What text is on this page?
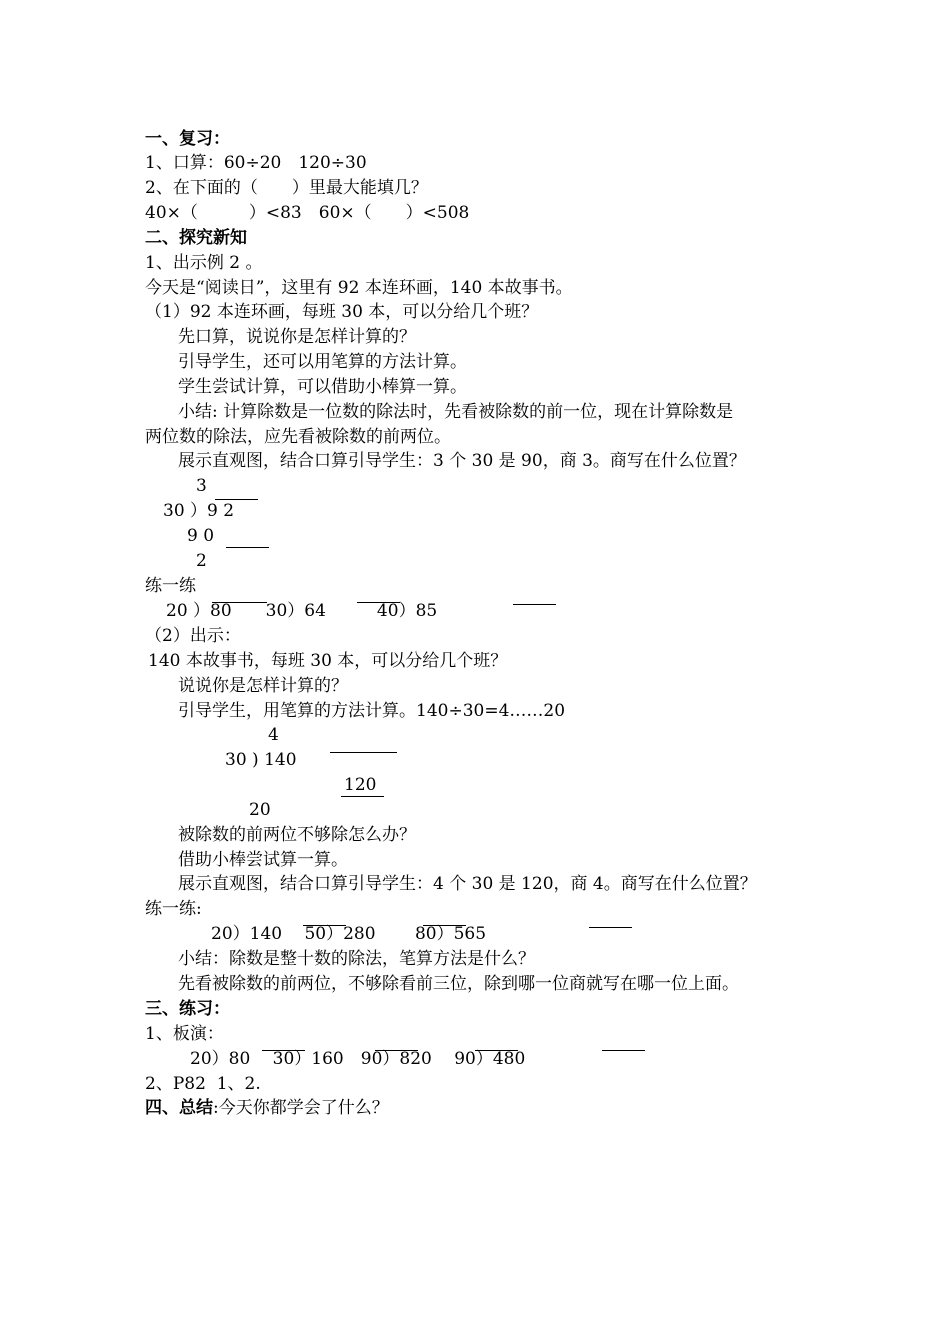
一、复习：
1、口算：60÷20　120÷30
2、在下面的（　　）里最大能填几？
40×（　　　）<83　60×（　　）<508
二、探究新知
1、出示例 2 。
今天是“阅读日”，这里有 92 本连环画，140 本故事书。
（1）92 本连环画，每班 30 本，可以分给几个班？
先口算，说说你是怎样计算的？
引导学生，还可以用笔算的方法计算。
学生尝试计算，可以借助小棒算一算。
小结: 计算除数是一位数的除法时，先看被除数的前一位，现在计算除数是
两位数的除法，应先看被除数的前两位。
展示直观图，结合口算引导学生：3 个 30 是 90，商 3。商写在什么位置？
3
30 ）9 2
9 0
2
练一练
20 ）80　　30）64　　　40）85
（2）出示：
140 本故事书，每班 30 本，可以分给几个班？
说说你是怎样计算的？
引导学生，用笔算的方法计算。140÷30=4……20
4
30 ) 140
120
20
被除数的前两位不够除怎么办？
借助小棒尝试算一算。
展示直观图，结合口算引导学生：4 个 30 是 120，商 4。商写在什么位置？
练一练:
20）140　 50）280　　 80）565
小结：除数是整十数的除法，笔算方法是什么？
先看被除数的前两位，不够除看前三位，除到哪一位商就写在哪一位上面。
三、练习：
1、板演：
20）80　 30）160　90）820　 90）480
2、P82  1、2.
四、总结:今天你都学会了什么？
